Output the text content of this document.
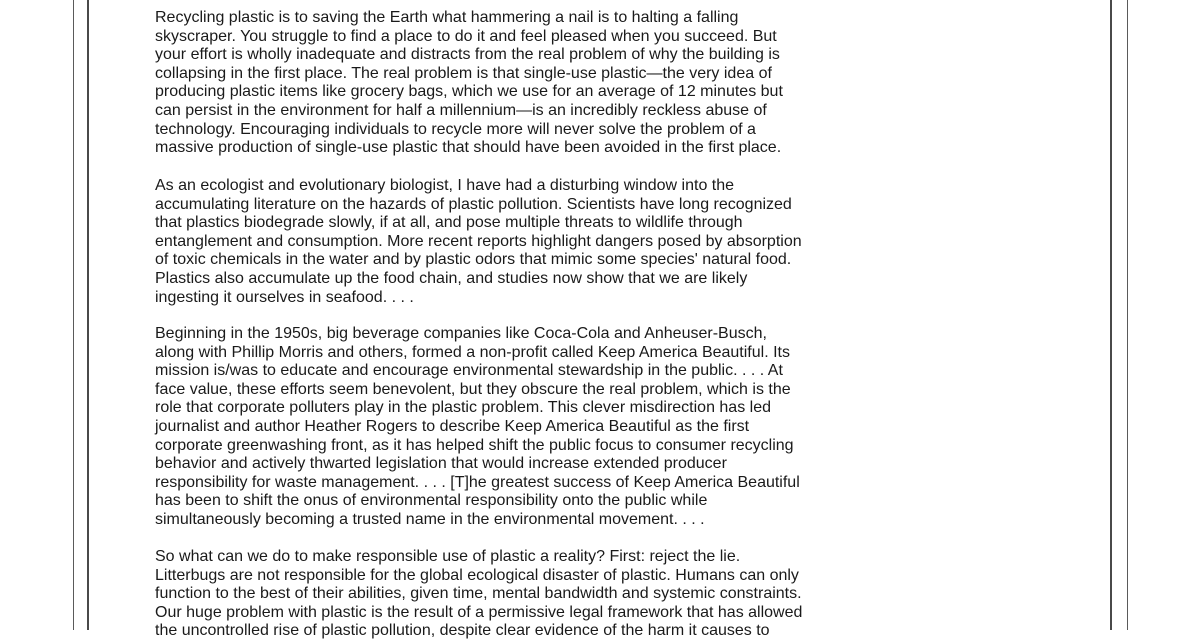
Recycling plastic is to saving the Earth what hammering a nail is to halting a falling
skyscraper. You struggle to find a place to do it and feel pleased when you succeed. But
your effort is wholly inadequate and distracts from the real problem of why the building is
collapsing in the first place. The real problem is that single-use plastic—the very idea of
producing plastic items like grocery bags, which we use for an average of 12 minutes but
can persist in the environment for half a millennium—is an incredibly reckless abuse of
technology. Encouraging individuals to recycle more will never solve the problem of a
massive production of single-use plastic that should have been avoided in the first place.

As an ecologist and evolutionary biologist, I have had a disturbing window into the
accumulating literature on the hazards of plastic pollution. Scientists have long recognized
that plastics biodegrade slowly, if at all, and pose multiple threats to wildlife through
entanglement and consumption. More recent reports highlight dangers posed by absorption
of toxic chemicals in the water and by plastic odors that mimic some species' natural food.
Plastics also accumulate up the food chain, and studies now show that we are likely
ingesting it ourselves in seafood. . . .

Beginning in the 1950s, big beverage companies like Coca-Cola and Anheuser-Busch,
along with Phillip Morris and others, formed a non-profit called Keep America Beautiful. Its
mission is/was to educate and encourage environmental stewardship in the public. . . . At
face value, these efforts seem benevolent, but they obscure the real problem, which is the
role that corporate polluters play in the plastic problem. This clever misdirection has led
journalist and author Heather Rogers to describe Keep America Beautiful as the first
corporate greenwashing front, as it has helped shift the public focus to consumer recycling
behavior and actively thwarted legislation that would increase extended producer
responsibility for waste management. . . . [T]he greatest success of Keep America Beautiful
has been to shift the onus of environmental responsibility onto the public while
simultaneously becoming a trusted name in the environmental movement. . . .

So what can we do to make responsible use of plastic a reality? First: reject the lie.
Litterbugs are not responsible for the global ecological disaster of plastic. Humans can only
function to the best of their abilities, given time, mental bandwidth and systemic constraints.
Our huge problem with plastic is the result of a permissive legal framework that has allowed
the uncontrolled rise of plastic pollution, despite clear evidence of the harm it causes to
